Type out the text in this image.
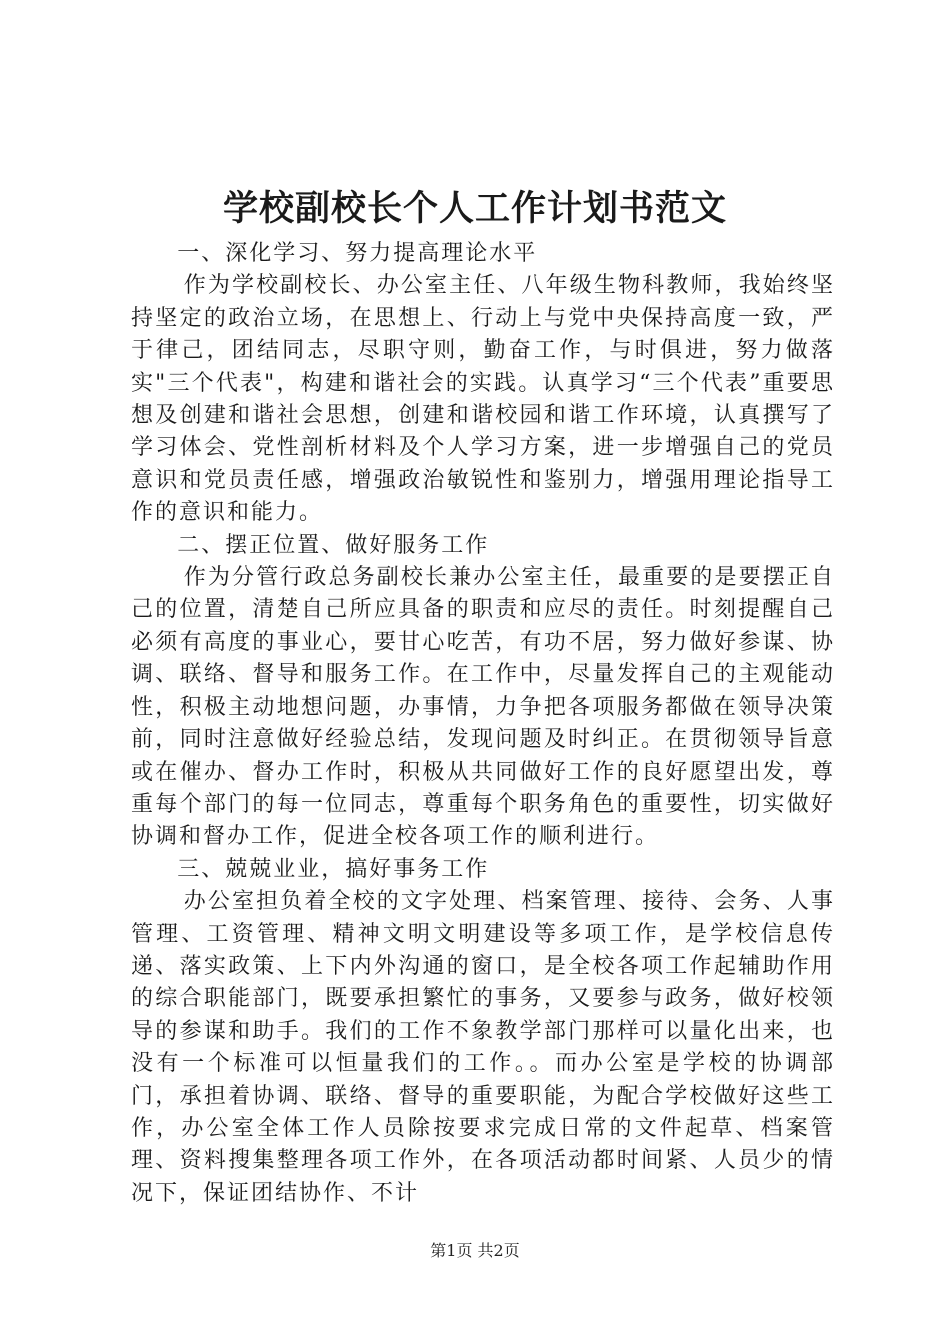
学校副校长个人工作计划书范文

一、深化学习、努力提高理论水平

作为学校副校长、办公室主任、八年级生物科教师，我始终坚持坚定的政治立场，在思想上、行动上与党中央保持高度一致，严于律己，团结同志，尽职守则，勤奋工作，与时俱进，努力做落实"三个代表"，构建和谐社会的实践。认真学习“三个代表”重要思想及创建和谐社会思想，创建和谐校园和谐工作环境，认真撰写了学习体会、党性剖析材料及个人学习方案，进一步增强自己的党员意识和党员责任感，增强政治敏锐性和鉴别力，增强用理论指导工作的意识和能力。

二、摆正位置、做好服务工作

作为分管行政总务副校长兼办公室主任，最重要的是要摆正自己的位置，清楚自己所应具备的职责和应尽的责任。时刻提醒自己必须有高度的事业心，要甘心吃苦，有功不居，努力做好参谋、协调、联络、督导和服务工作。在工作中，尽量发挥自己的主观能动性，积极主动地想问题，办事情，力争把各项服务都做在领导决策前，同时注意做好经验总结，发现问题及时纠正。在贯彻领导旨意或在催办、督办工作时，积极从共同做好工作的良好愿望出发，尊重每个部门的每一位同志，尊重每个职务角色的重要性，切实做好协调和督办工作，促进全校各项工作的顺利进行。

三、兢兢业业，搞好事务工作

办公室担负着全校的文字处理、档案管理、接待、会务、人事管理、工资管理、精神文明文明建设等多项工作，是学校信息传递、落实政策、上下内外沟通的窗口，是全校各项工作起辅助作用的综合职能部门，既要承担繁忙的事务，又要参与政务，做好校领导的参谋和助手。我们的工作不象教学部门那样可以量化出来，也没有一个标准可以恒量我们的工作。。而办公室是学校的协调部门，承担着协调、联络、督导的重要职能，为配合学校做好这些工作，办公室全体工作人员除按要求完成日常的文件起草、档案管理、资料搜集整理各项工作外，在各项活动都时间紧、人员少的情况下，保证团结协作、不计

第1页 共2页
